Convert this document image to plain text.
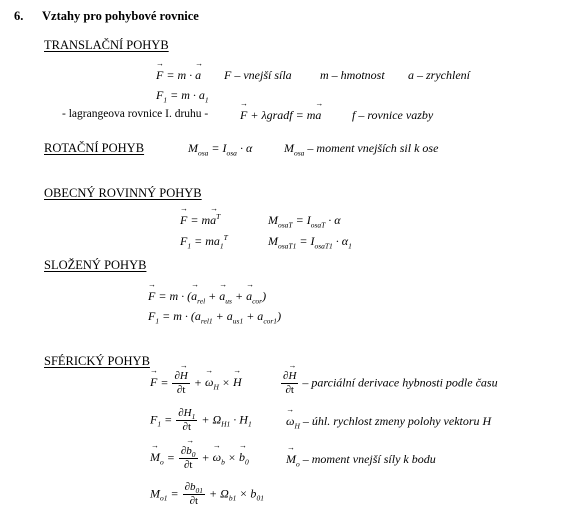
6. Vztahy pro pohybové rovnice
TRANSLAČNÍ POHYB
→ F = m · → a F – vnejší síla m – hmotnost a – zrychlení
$F_1 = m \cdot a_1$
- lagrangeova rovnice I. druhu -	→ F + λgradf = m→ a	f – rovnice vazby
ROTAČNÍ POHYB	$M_{osa} = I_{osa} \cdot \alpha$	$M_{osa}$ – moment vnejších sil k ose
OBECNÝ ROVINNÝ POHYB
→ $F = m\to a^T$	$M_{osaT} = I_{osaT} \cdot \alpha$
$F_1 = ma_1^T$	$M_{osaT1} = I_{osaT1} \cdot \alpha_1$
SLOŽENÝ POHYB
→ F = m · (→ $a_{rel}$ + → $a_{us}$ + → $a_{cor}$)
$F_1 = m \cdot (a_{rel1} + a_{us1} + a_{cor1})$
SFÉRICKÝ POHYB
→ $F = \frac{\partial\to H}{\partial t}$ + → $\omega_H$ × → H	$\frac{\partial\to H}{\partial t}$ – parciální derivace hybnosti podle času
$F_1 = \frac{\partial H_1}{\partial t} + \Omega_{H1} \cdot H_1$	→ $\omega_H$ – úhl. rychlost zmeny polohy vektoru H
→ $M_o = \frac{\partial\to b_0}{\partial t}$ + → $\omega_b$ × → $b_0$	→ $M_o$ – moment vnejší síly k bodu
$M_{o1} = \frac{\partial b_{01}}{\partial t} + \Omega_{b1} \times b_{01}$
